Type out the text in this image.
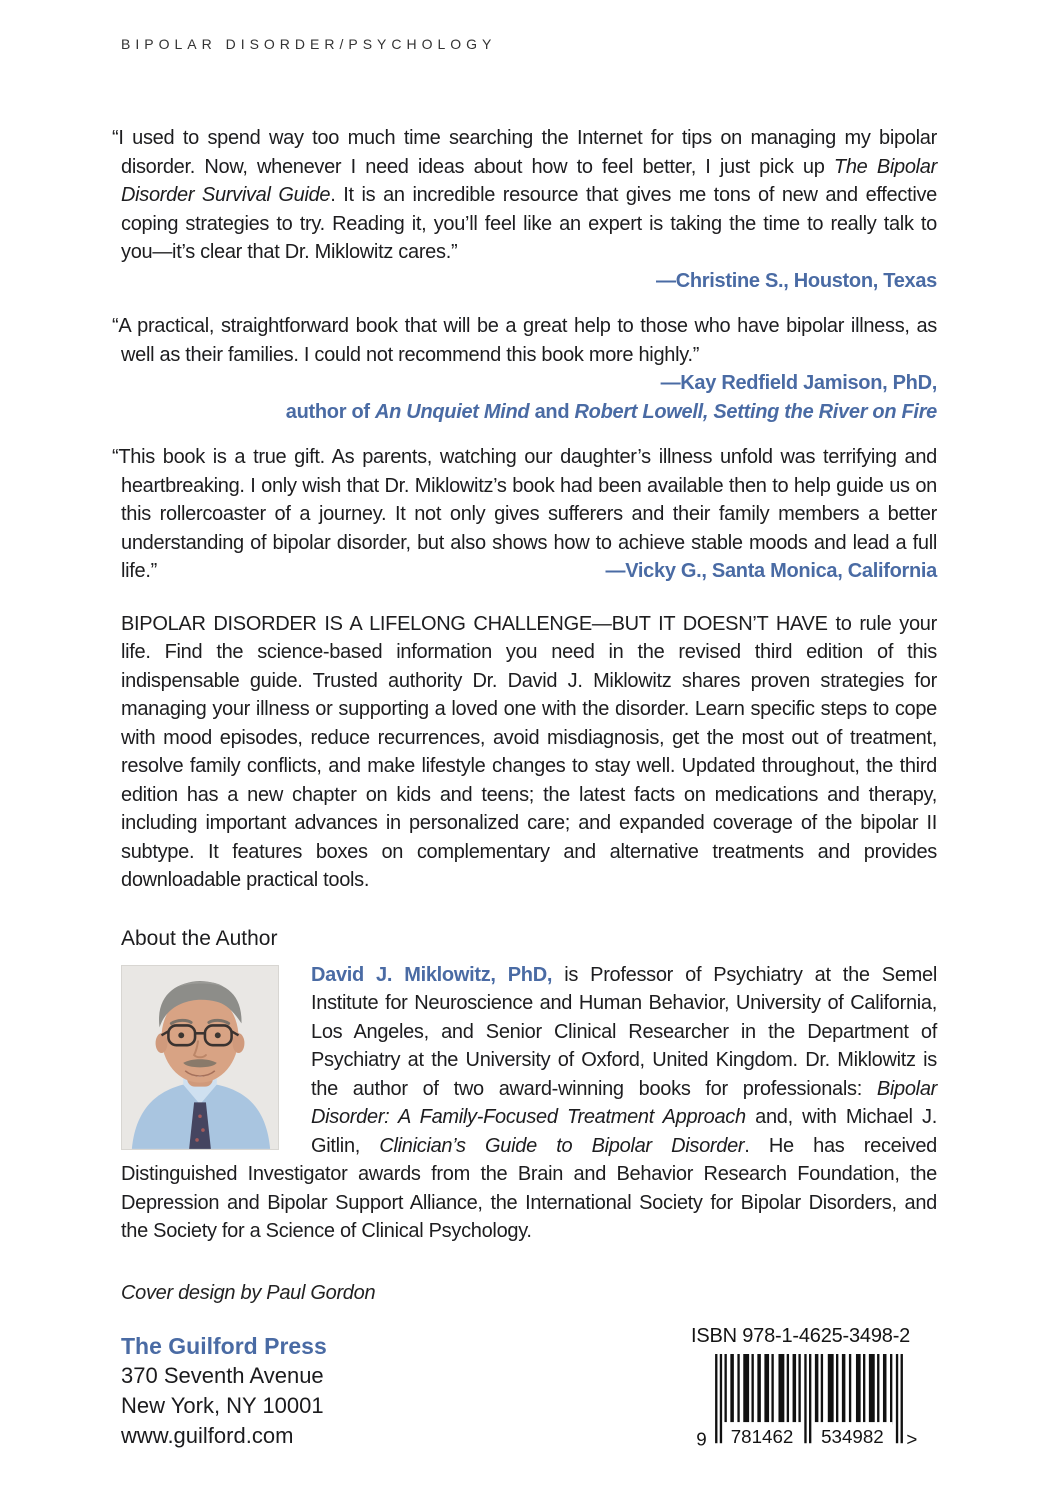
BIPOLAR DISORDER/PSYCHOLOGY

“I used to spend way too much time searching the Internet for tips on managing my bipolar disorder. Now, whenever I need ideas about how to feel better, I just pick up The Bipolar Disorder Survival Guide. It is an incredible resource that gives me tons of new and effective coping strategies to try. Reading it, you’ll feel like an expert is taking the time to really talk to you—it’s clear that Dr. Miklowitz cares.”

—Christine S., Houston, Texas

“A practical, straightforward book that will be a great help to those who have bipolar illness, as well as their families. I could not recommend this book more highly.”

—Kay Redfield Jamison, PhD,
author of An Unquiet Mind and Robert Lowell, Setting the River on Fire

“This book is a true gift. As parents, watching our daughter’s illness unfold was terrifying and heartbreaking. I only wish that Dr. Miklowitz’s book had been available then to help guide us on this rollercoaster of a journey. It not only gives sufferers and their family members a better understanding of bipolar disorder, but also shows how to achieve stable moods and lead a full life.”	—Vicky G., Santa Monica, California

BIPOLAR DISORDER IS A LIFELONG CHALLENGE—BUT IT DOESN’T HAVE to rule your life. Find the science-based information you need in the revised third edition of this indispensable guide. Trusted authority Dr. David J. Miklowitz shares proven strategies for managing your illness or supporting a loved one with the disorder. Learn specific steps to cope with mood episodes, reduce recurrences, avoid misdiagnosis, get the most out of treatment, resolve family conflicts, and make lifestyle changes to stay well. Updated throughout, the third edition has a new chapter on kids and teens; the latest facts on medications and therapy, including important advances in personalized care; and expanded coverage of the bipolar II subtype. It features boxes on complementary and alternative treatments and provides downloadable practical tools.

About the Author

David J. Miklowitz, PhD, is Professor of Psychiatry at the Semel Institute for Neuroscience and Human Behavior, University of California, Los Angeles, and Senior Clinical Researcher in the Department of Psychiatry at the University of Oxford, United Kingdom. Dr. Miklowitz is the author of two award-winning books for professionals: Bipolar Disorder: A Family-Focused Treatment Approach and, with Michael J. Gitlin, Clinician’s Guide to Bipolar Disorder. He has received Distinguished Investigator awards from the Brain and Behavior Research Foundation, the Depression and Bipolar Support Alliance, the International Society for Bipolar Disorders, and the Society for a Science of Clinical Psychology.

Cover design by Paul Gordon
The Guilford Press
370 Seventh Avenue
New York, NY 10001
www.guilford.com
ISBN 978-1-4625-3498-2
9 781462 534982 >
